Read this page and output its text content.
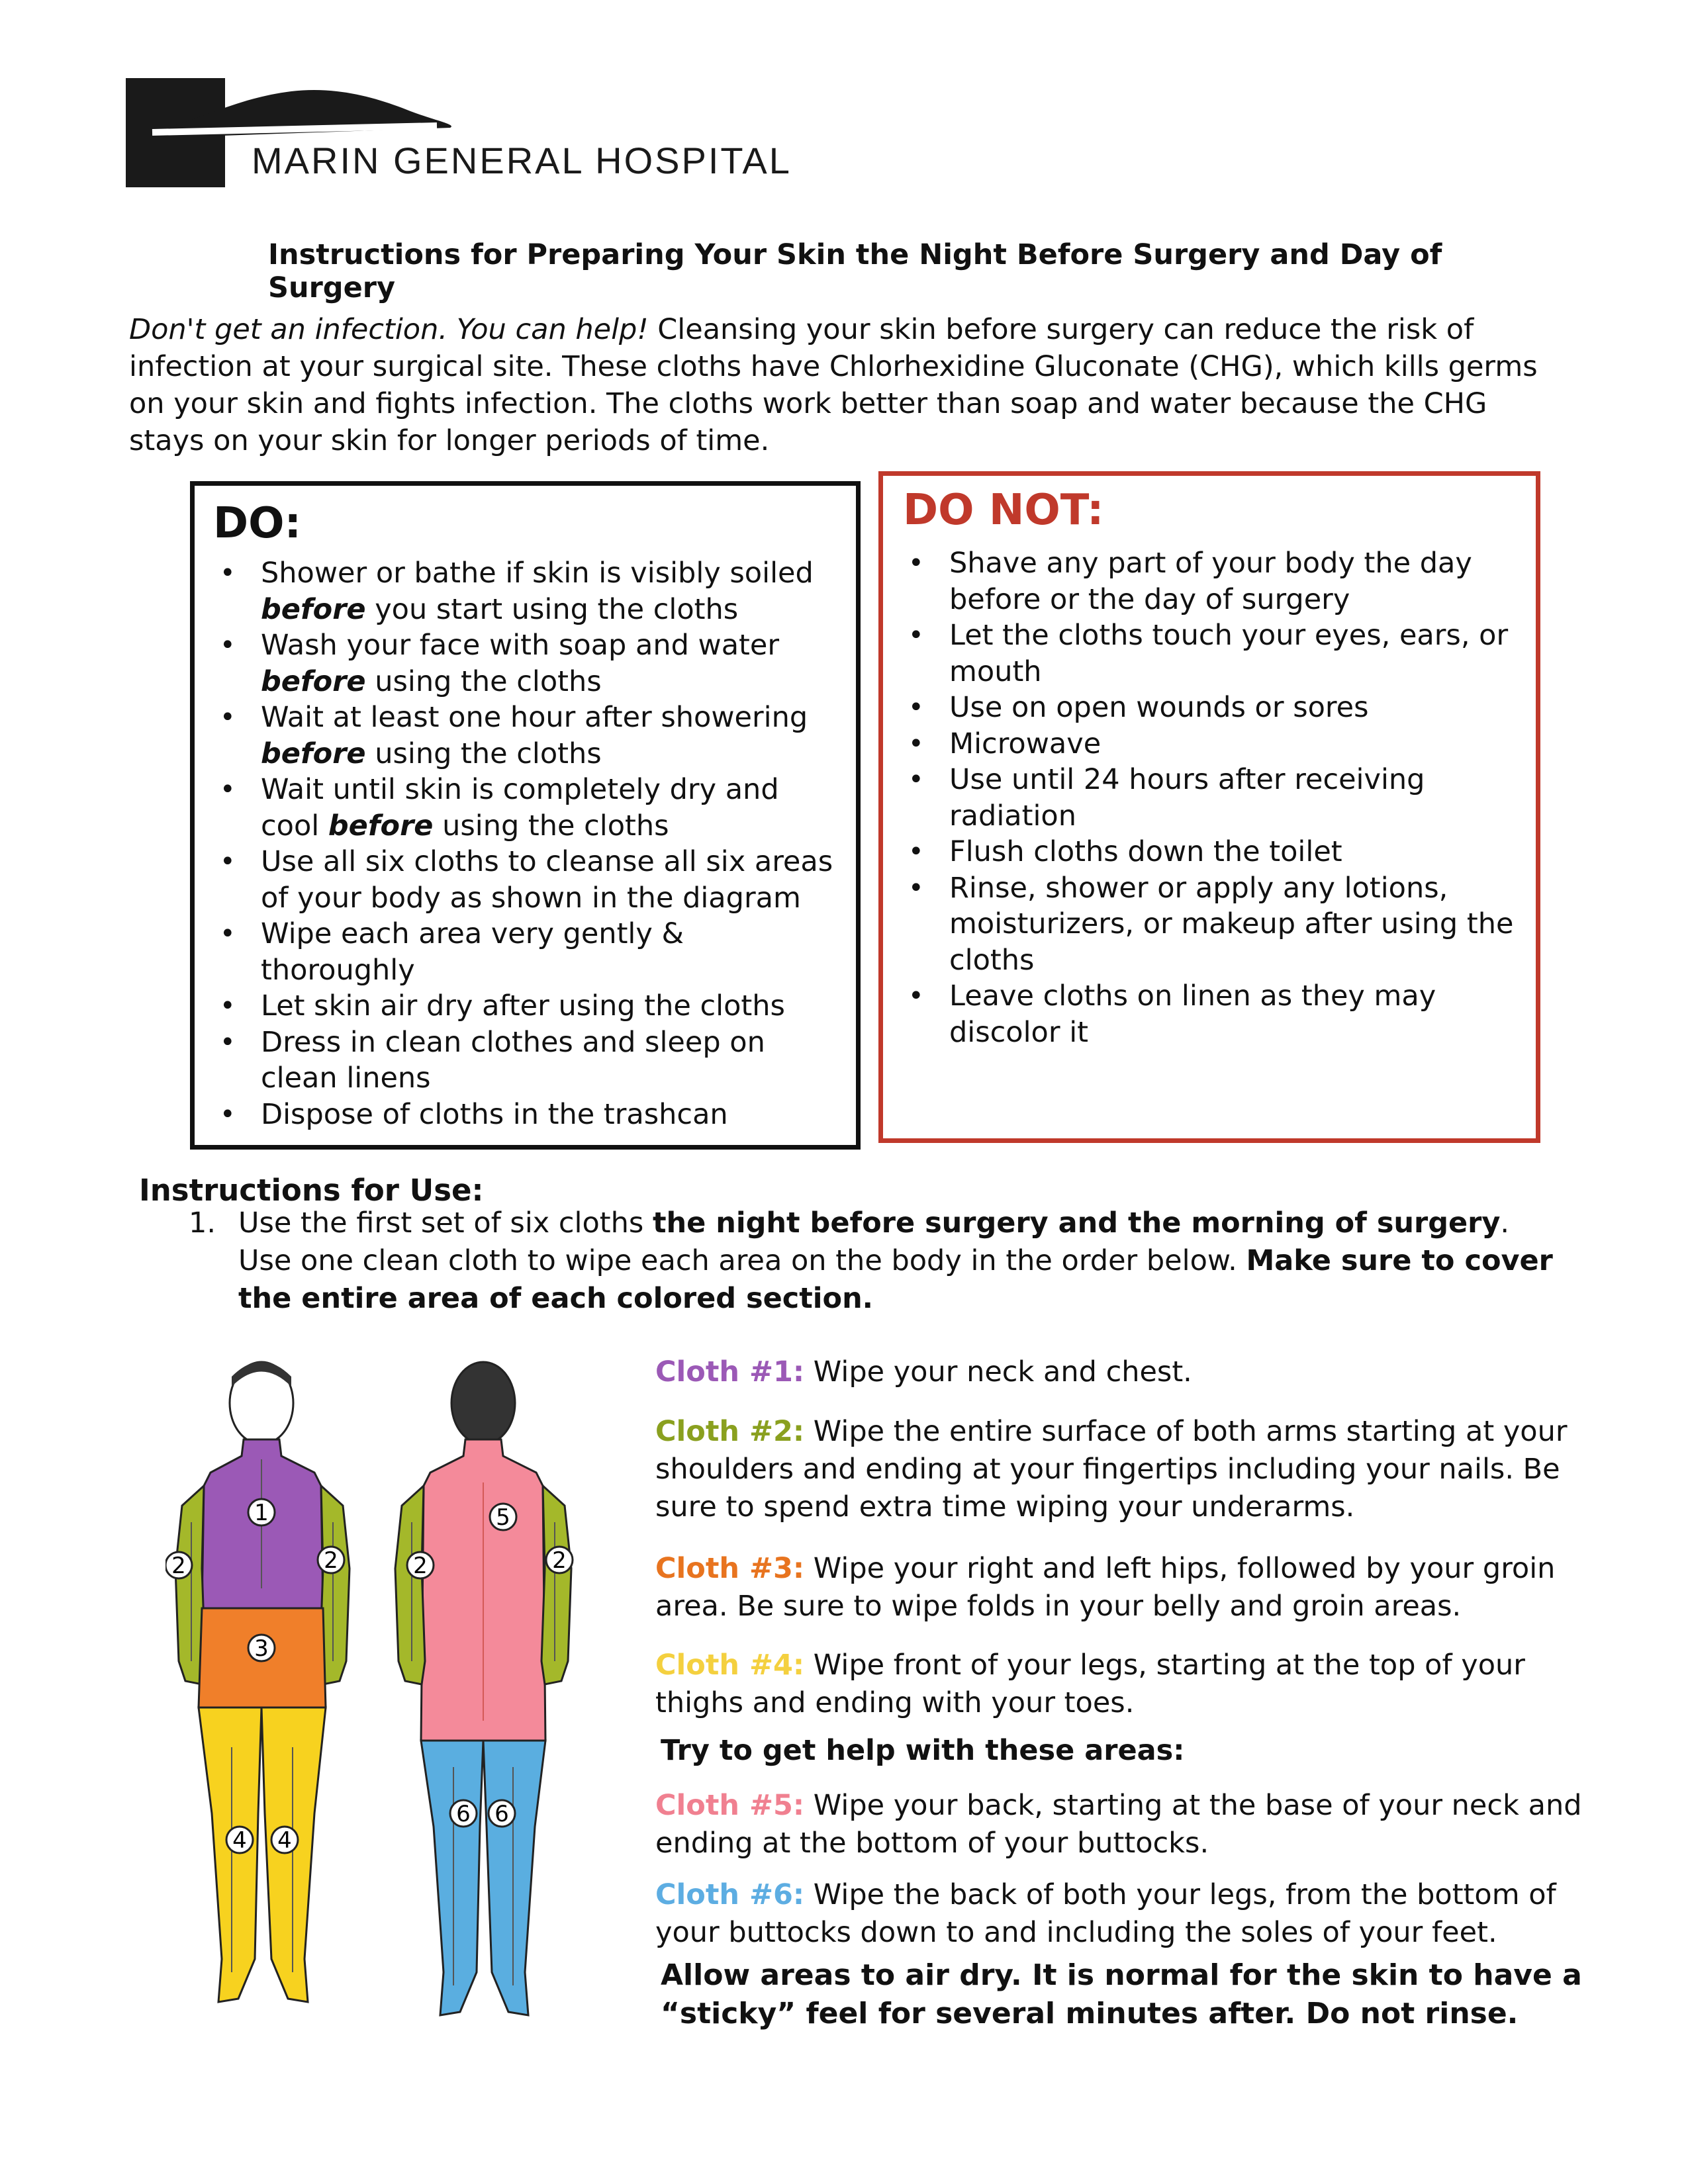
MARIN GENERAL HOSPITAL
Instructions for Preparing Your Skin the Night Before Surgery and Day of Surgery
Don't get an infection. You can help! Cleansing your skin before surgery can reduce the risk of infection at your surgical site. These cloths have Chlorhexidine Gluconate (CHG), which kills germs on your skin and fights infection. The cloths work better than soap and water because the CHG stays on your skin for longer periods of time.
DO:
• Shower or bathe if skin is visibly soiled before you start using the cloths
• Wash your face with soap and water before using the cloths
• Wait at least one hour after showering before using the cloths
• Wait until skin is completely dry and cool before using the cloths
• Use all six cloths to cleanse all six areas of your body as shown in the diagram
• Wipe each area very gently & thoroughly
• Let skin air dry after using the cloths
• Dress in clean clothes and sleep on clean linens
• Dispose of cloths in the trashcan
DO NOT:
• Shave any part of your body the day before or the day of surgery
• Let the cloths touch your eyes, ears, or mouth
• Use on open wounds or sores
• Microwave
• Use until 24 hours after receiving radiation
• Flush cloths down the toilet
• Rinse, shower or apply any lotions, moisturizers, or makeup after using the cloths
• Leave cloths on linen as they may discolor it
Instructions for Use:
1. Use the first set of six cloths the night before surgery and the morning of surgery. Use one clean cloth to wipe each area on the body in the order below. Make sure to cover the entire area of each colored section.
1
2	2
3
4 4
5
2	2
6 6
Cloth #1: Wipe your neck and chest.
Cloth #2: Wipe the entire surface of both arms starting at your shoulders and ending at your fingertips including your nails. Be sure to spend extra time wiping your underarms.
Cloth #3: Wipe your right and left hips, followed by your groin area. Be sure to wipe folds in your belly and groin areas.
Cloth #4: Wipe front of your legs, starting at the top of your thighs and ending with your toes.
Try to get help with these areas:
Cloth #5: Wipe your back, starting at the base of your neck and ending at the bottom of your buttocks.
Cloth #6: Wipe the back of both your legs, from the bottom of your buttocks down to and including the soles of your feet.
Allow areas to air dry. It is normal for the skin to have a “sticky” feel for several minutes after. Do not rinse.
